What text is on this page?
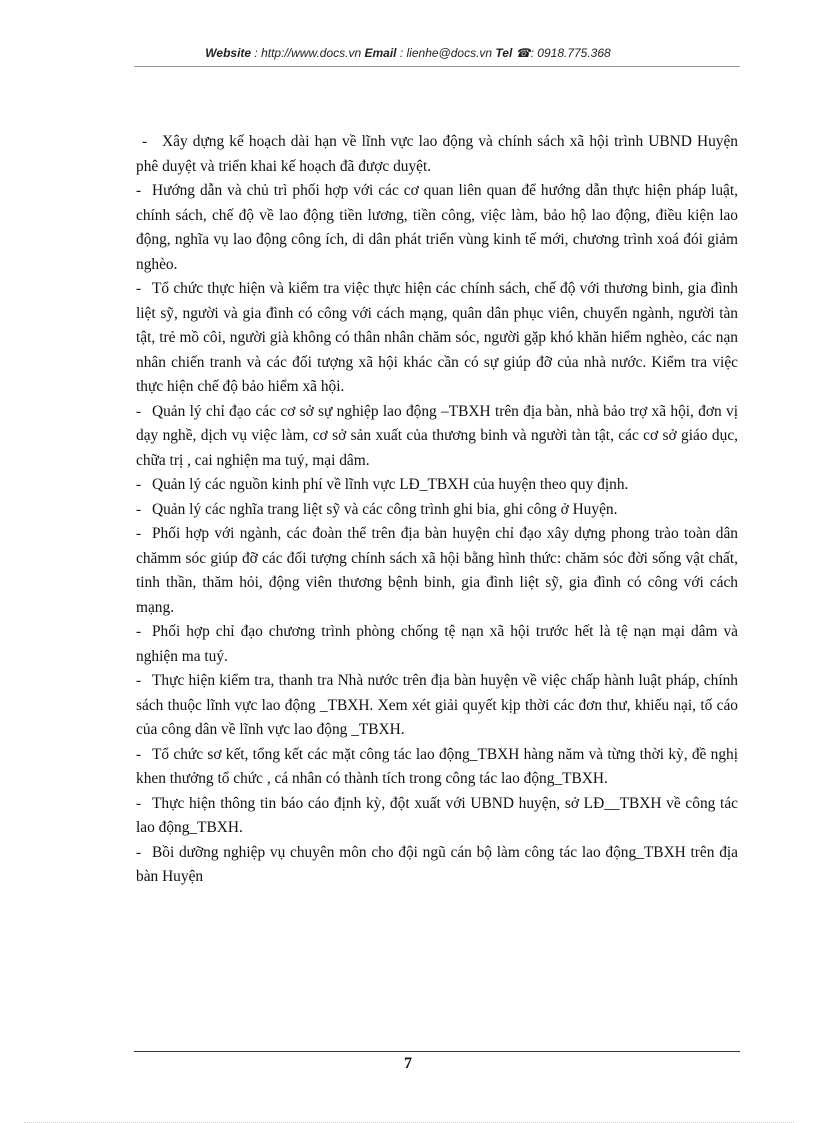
Website : http://www.docs.vn Email : lienhe@docs.vn Tel ☎: 0918.775.368

- Xây dựng kế hoạch dài hạn về lĩnh vực lao động và chính sách xã hội trình UBND Huyện phê duyệt và triển khai kế hoạch đã được duyệt.

- Hướng dẫn và chủ trì phối hợp với các cơ quan liên quan để hướng dẫn thực hiện pháp luật, chính sách, chế độ về lao động tiền lương, tiền công, việc làm, bảo hộ lao động, điều kiện lao động, nghĩa vụ lao động công ích, di dân phát triển vùng kinh tế mới, chương trình xoá đói giảm nghèo.

- Tổ chức thực hiện và kiểm tra việc thực hiện các chính sách, chế độ với thương binh, gia đình liệt sỹ, người và gia đình có công với cách mạng, quân dân phục viên, chuyển ngành, người tàn tật, trẻ mồ côi, người già không có thân nhân chăm sóc, người gặp khó khăn hiểm nghèo, các nạn nhân chiến tranh và các đối tượng xã hội khác cần có sự giúp đỡ của nhà nước. Kiểm tra việc thực hiện chế độ bảo hiểm xã hội.

- Quản lý chỉ đạo các cơ sở sự nghiệp lao động –TBXH trên địa bàn, nhà bảo trợ xã hội, đơn vị dạy nghề, dịch vụ việc làm, cơ sở sản xuất của thương binh và người tàn tật, các cơ sở giáo dục, chữa trị , cai nghiện ma tuý, mại dâm.

- Quản lý các nguồn kinh phí về lĩnh vực LĐ_TBXH của huyện theo quy định.

- Quản lý các nghĩa trang liệt sỹ và các công trình ghi bia, ghi công ở Huyện.

- Phối hợp với ngành, các đoàn thể trên địa bàn huyện chỉ đạo xây dựng phong trào toàn dân chămm sóc giúp đỡ các đối tượng chính sách xã hội bằng hình thức: chăm sóc đời sống vật chất, tinh thần, thăm hỏi, động viên thương bệnh binh, gia đình liệt sỹ, gia đình có công với cách mạng.

- Phối hợp chỉ đạo chương trình phòng chống tệ nạn xã hội trước hết là tệ nạn mại dâm và nghiện ma tuý.

- Thực hiện kiểm tra, thanh tra Nhà nước trên địa bàn huyện về việc chấp hành luật pháp, chính sách thuộc lĩnh vực lao động _TBXH. Xem xét giải quyết kịp thời các đơn thư, khiếu nại, tố cáo của công dân về lĩnh vực lao động _TBXH.

- Tổ chức sơ kết, tổng kết các mặt công tác lao động_TBXH hàng năm và từng thời kỳ, đề nghị khen thưởng tổ chức , cá nhân có thành tích trong công tác lao động_TBXH.

- Thực hiện thông tin báo cáo định kỳ, đột xuất với UBND huyện, sở LĐ__TBXH về công tác lao động_TBXH.

- Bồi dưỡng nghiệp vụ chuyên môn cho đội ngũ cán bộ làm công tác lao động_TBXH trên địa bàn Huyện

7
